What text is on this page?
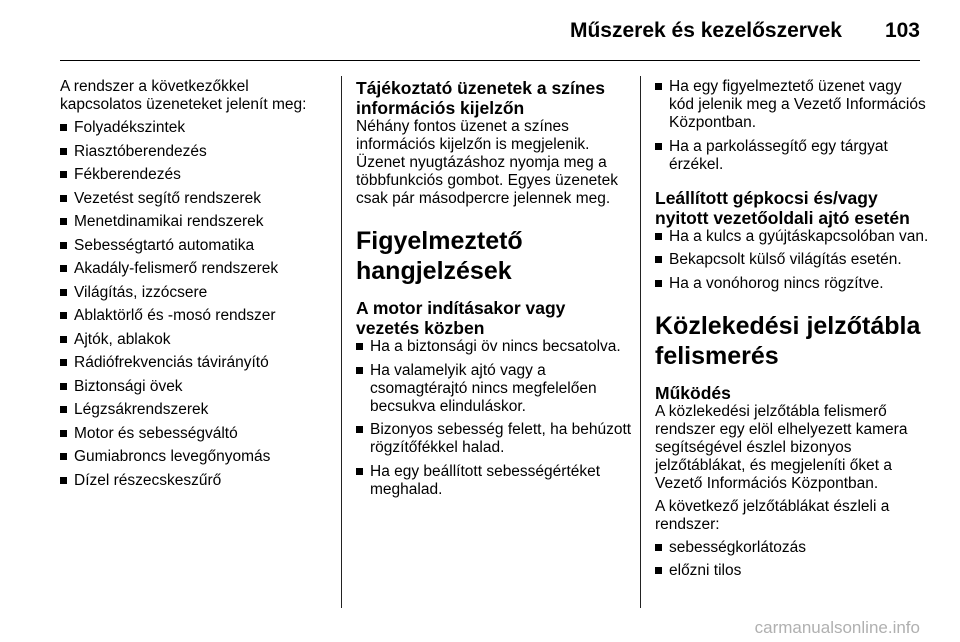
Műszerek és kezelőszervek 103

A rendszer a következőkkel kapcsolatos üzeneteket jelenít meg:

Folyadékszintek
Riasztóberendezés
Fékberendezés
Vezetést segítő rendszerek
Menetdinamikai rendszerek
Sebességtartó automatika
Akadály-felismerő rendszerek
Világítás, izzócsere
Ablaktörlő és -mosó rendszer
Ajtók, ablakok
Rádiófrekvenciás távirányító
Biztonsági övek
Légzsákrendszerek
Motor és sebességváltó
Gumiabroncs levegőnyomás
Dízel részecskeszűrő
Tájékoztató üzenetek a színes információs kijelzőn

Néhány fontos üzenet a színes információs kijelzőn is megjelenik. Üzenet nyugtázáshoz nyomja meg a többfunkciós gombot. Egyes üzenetek csak pár másodpercre jelennek meg.

Figyelmeztető hangjelzések
A motor indításakor vagy vezetés közben
Ha a biztonsági öv nincs becsatolva.
Ha valamelyik ajtó vagy a csomagtérajtó nincs megfelelően becsukva elinduláskor.
Bizonyos sebesség felett, ha behúzott rögzítőfékkel halad.
Ha egy beállított sebességértéket meghalad.
Ha egy figyelmeztető üzenet vagy kód jelenik meg a Vezető Információs Központban.
Ha a parkolássegítő egy tárgyat érzékel.
Leállított gépkocsi és/vagy nyitott vezetőoldali ajtó esetén
Ha a kulcs a gyújtáskapcsolóban van.
Bekapcsolt külső világítás esetén.
Ha a vonóhorog nincs rögzítve.
Közlekedési jelzőtábla felismerés
Működés

A közlekedési jelzőtábla felismerő rendszer egy elöl elhelyezett kamera segítségével észlel bizonyos jelzőtáblákat, és megjeleníti őket a Vezető Információs Központban.

A következő jelzőtáblákat észleli a rendszer:

sebességkorlátozás
előzni tilos
carmanualsonline.info
